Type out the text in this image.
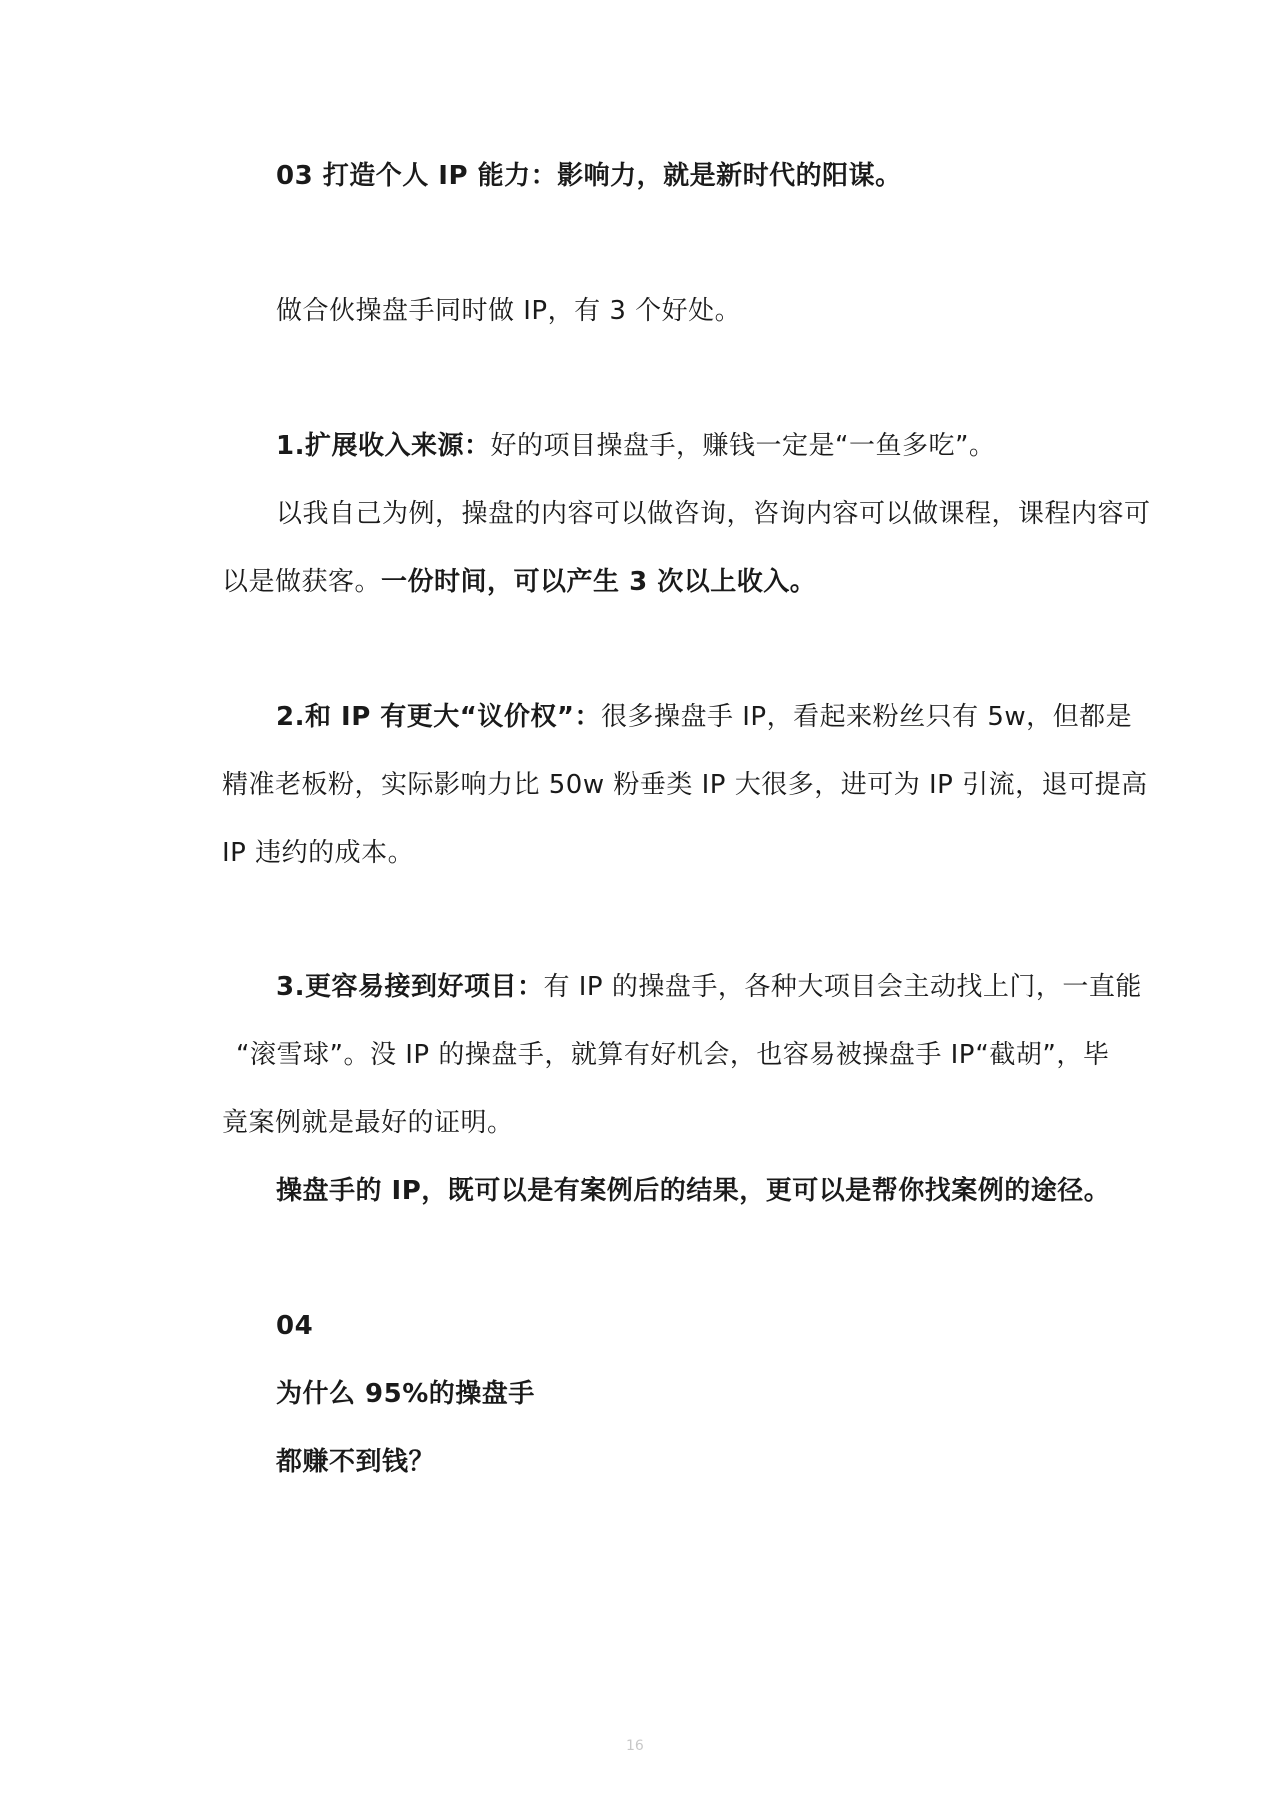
03 打造个人 IP 能力：影响力，就是新时代的阳谋。
做合伙操盘手同时做 IP，有 3 个好处。
1.扩展收入来源：好的项目操盘手，赚钱一定是“一鱼多吃”。
以我自己为例，操盘的内容可以做咨询，咨询内容可以做课程，课程内容可
以是做获客。一份时间，可以产生 3 次以上收入。
2.和 IP 有更大“议价权”：很多操盘手 IP，看起来粉丝只有 5w，但都是
精准老板粉，实际影响力比 50w 粉垂类 IP 大很多，进可为 IP 引流，退可提高
IP 违约的成本。
3.更容易接到好项目：有 IP 的操盘手，各种大项目会主动找上门，一直能
“滚雪球”。没 IP 的操盘手，就算有好机会，也容易被操盘手 IP“截胡”，毕
竟案例就是最好的证明。
操盘手的 IP，既可以是有案例后的结果，更可以是帮你找案例的途径。
04
为什么 95%的操盘手
都赚不到钱？
16
